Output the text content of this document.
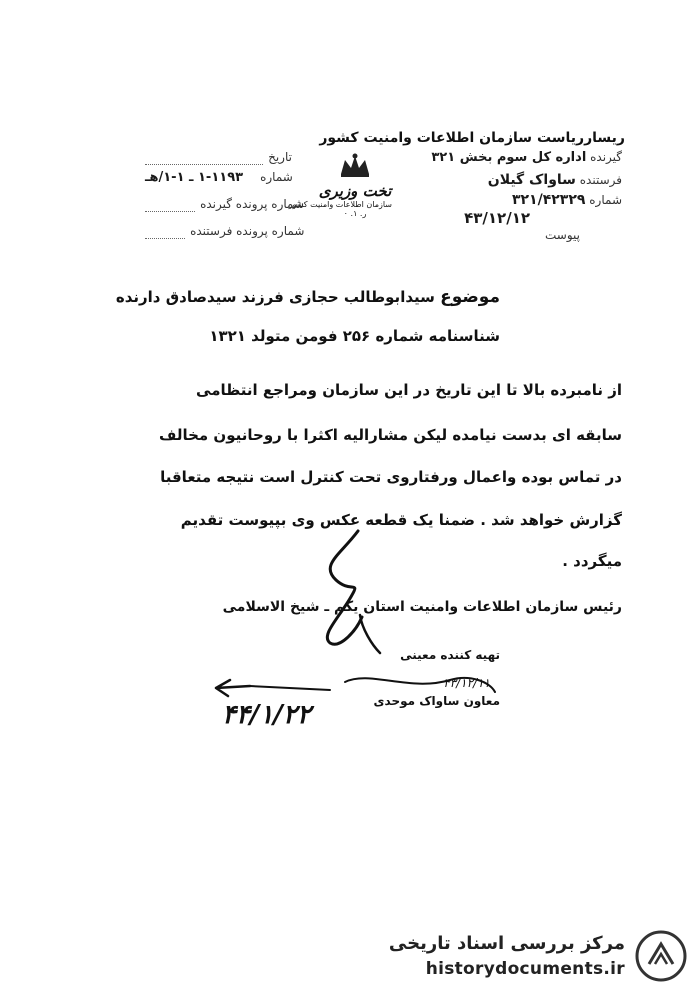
ریسارریاست سازمان اطلاعات وامنیت کشور
گیرنده اداره کل سوم بخش ۳۲۱
فرستنده ساواک گیلان
شماره ۳۲۱/۴۲۳۲۹
۴۳/۱۲/۱۲
پیوست
تخت وزیری
سازمان اطلاعات وامنیت کشور
ر. ۱. ۰
تاریخ
۱-۱۱۹۳ ـ ۱-۱/هـ شماره
شماره پرونده گیرنده
شماره پرونده فرستنده
موضوع سیدابوطالب حجازی فرزند سیدصادق دارنده
شناسنامه شماره ۲۵۶ فومن متولد ۱۳۲۱
از نامبرده بالا تا این تاریخ در این سازمان ومراجع انتظامی
سابقه ای بدست نیامده لیکن مشارالیه اکثرا با روحانیون مخالف
در تماس بوده واعمال ورفتاروی تحت کنترل است نتیجه متعاقبا
گزارش خواهد شد . ضمنا یک قطعه عکس وی بپیوست تقدیم
میگردد .
رئیس سازمان اطلاعات وامنیت استان یکم ـ شیخ الاسلامی
تهیه کننده معینی
۴۳/۱۲/۱۱
معاون ساواک موحدی
۴۴/۱/۲۲
مرکز بررسی اسناد تاریخی
historydocuments.ir
